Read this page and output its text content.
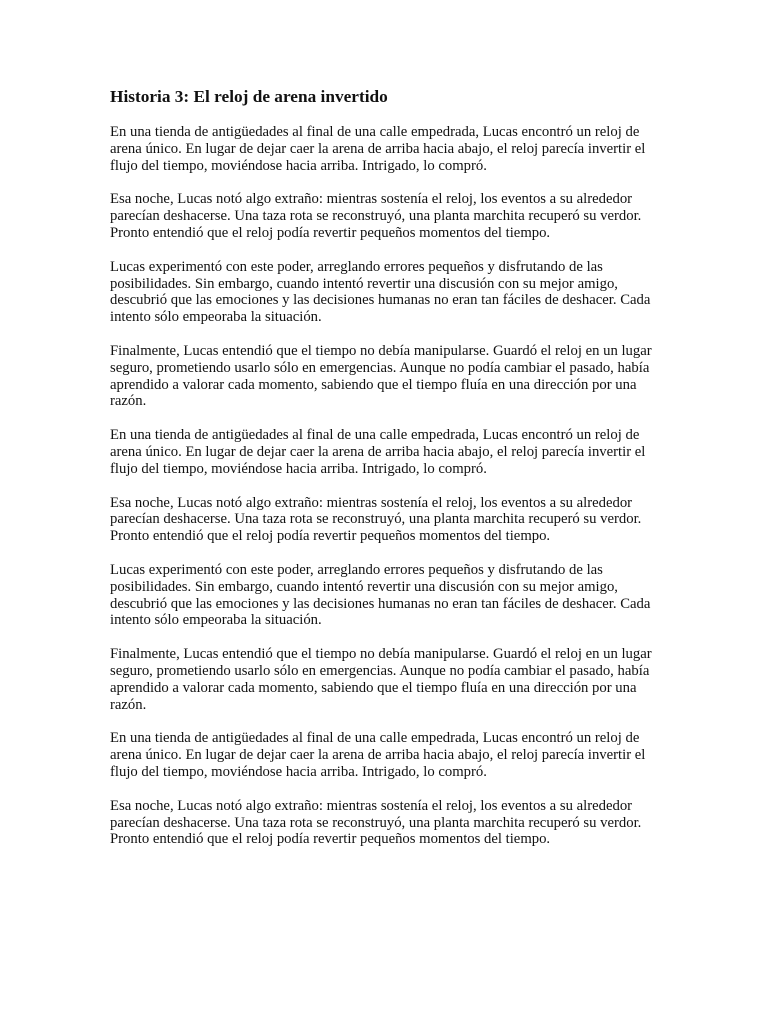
Historia 3: El reloj de arena invertido

En una tienda de antigüedades al final de una calle empedrada, Lucas encontró un reloj de arena único. En lugar de dejar caer la arena de arriba hacia abajo, el reloj parecía invertir el flujo del tiempo, moviéndose hacia arriba. Intrigado, lo compró.

Esa noche, Lucas notó algo extraño: mientras sostenía el reloj, los eventos a su alrededor parecían deshacerse. Una taza rota se reconstruyó, una planta marchita recuperó su verdor. Pronto entendió que el reloj podía revertir pequeños momentos del tiempo.

Lucas experimentó con este poder, arreglando errores pequeños y disfrutando de las posibilidades. Sin embargo, cuando intentó revertir una discusión con su mejor amigo, descubrió que las emociones y las decisiones humanas no eran tan fáciles de deshacer. Cada intento sólo empeoraba la situación.

Finalmente, Lucas entendió que el tiempo no debía manipularse. Guardó el reloj en un lugar seguro, prometiendo usarlo sólo en emergencias. Aunque no podía cambiar el pasado, había aprendido a valorar cada momento, sabiendo que el tiempo fluía en una dirección por una razón.

En una tienda de antigüedades al final de una calle empedrada, Lucas encontró un reloj de arena único. En lugar de dejar caer la arena de arriba hacia abajo, el reloj parecía invertir el flujo del tiempo, moviéndose hacia arriba. Intrigado, lo compró.

Esa noche, Lucas notó algo extraño: mientras sostenía el reloj, los eventos a su alrededor parecían deshacerse. Una taza rota se reconstruyó, una planta marchita recuperó su verdor. Pronto entendió que el reloj podía revertir pequeños momentos del tiempo.

Lucas experimentó con este poder, arreglando errores pequeños y disfrutando de las posibilidades. Sin embargo, cuando intentó revertir una discusión con su mejor amigo, descubrió que las emociones y las decisiones humanas no eran tan fáciles de deshacer. Cada intento sólo empeoraba la situación.

Finalmente, Lucas entendió que el tiempo no debía manipularse. Guardó el reloj en un lugar seguro, prometiendo usarlo sólo en emergencias. Aunque no podía cambiar el pasado, había aprendido a valorar cada momento, sabiendo que el tiempo fluía en una dirección por una razón.

En una tienda de antigüedades al final de una calle empedrada, Lucas encontró un reloj de arena único. En lugar de dejar caer la arena de arriba hacia abajo, el reloj parecía invertir el flujo del tiempo, moviéndose hacia arriba. Intrigado, lo compró.

Esa noche, Lucas notó algo extraño: mientras sostenía el reloj, los eventos a su alrededor parecían deshacerse. Una taza rota se reconstruyó, una planta marchita recuperó su verdor. Pronto entendió que el reloj podía revertir pequeños momentos del tiempo.
